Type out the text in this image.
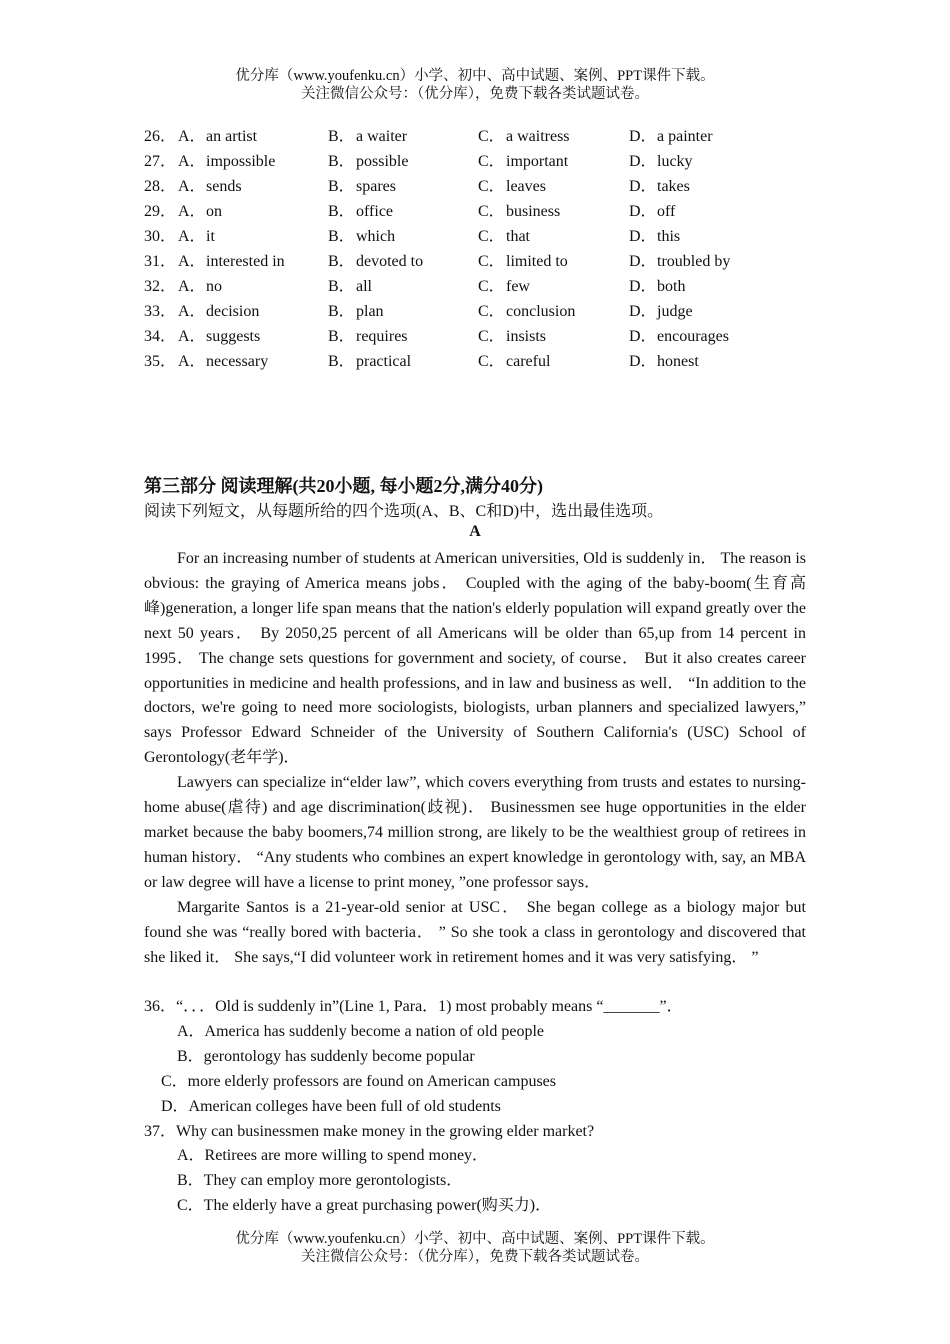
优分库（www.youfenku.cn）小学、初中、高中试题、案例、PPT课件下载。
关注微信公众号：（优分库），免费下载各类试题试卷。
26． A． an artist	B． a waiter	C． a waitress	D． a painter
27． A． impossible	B． possible	C． important	D． lucky
28． A． sends	B． spares	C． leaves	D． takes
29． A． on	B． office	C． business	D． off
30． A． it	B． which	C． that	D． this
31． A． interested in	B． devoted to	C． limited to	D． troubled by
32． A． no	B． all	C． few	D． both
33． A． decision	B． plan	C． conclusion	D． judge
34． A． suggests	B． requires	C． insists	D． encourages
35． A． necessary	B． practical	C． careful	D． honest
第三部分 阅读理解(共20小题, 每小题2分,满分40分)
阅读下列短文，从每题所给的四个选项(A、B、C和D)中，选出最佳选项。
A

For an increasing number of students at American universities, Old is suddenly in． The reason is obvious: the graying of America means jobs． Coupled with the aging of the baby-boom(生育高峰)generation, a longer life span means that the nation's elderly population will expand greatly over the next 50 years． By 2050,25 percent of all Americans will be older than 65,up from 14 percent in 1995． The change sets questions for government and society, of course． But it also creates career opportunities in medicine and health professions, and in law and business as well． “In addition to the doctors, we're going to need more sociologists, biologists, urban planners and specialized lawyers,” says Professor Edward Schneider of the University of Southern California's (USC) School of Gerontology(老年学)．

Lawyers can specialize in“elder law”, which covers everything from trusts and estates to nursing-home abuse(虐待) and age discrimination(歧视)． Businessmen see huge opportunities in the elder market because the baby boomers,74 million strong, are likely to be the wealthiest group of retirees in human history． “Any students who combines an expert knowledge in gerontology with, say, an MBA or law degree will have a license to print money, ”one professor says．

Margarite Santos is a 21-year-old senior at USC． She began college as a biology major but found she was “really bored with bacteria． ” So she took a class in gerontology and discovered that she liked it． She says,“I did volunteer work in retirement homes and it was very satisfying． ”

36．“．．．Old is suddenly in”(Line 1, Para．1) most probably means “_______”．
A．America has suddenly become a nation of old people
B．gerontology has suddenly become popular
C．more elderly professors are found on American campuses
D．American colleges have been full of old students
37．Why can businessmen make money in the growing elder market?
A．Retirees are more willing to spend money．
B．They can employ more gerontologists．
C．The elderly have a great purchasing power(购买力)．
优分库（www.youfenku.cn）小学、初中、高中试题、案例、PPT课件下载。
关注微信公众号：（优分库），免费下载各类试题试卷。
